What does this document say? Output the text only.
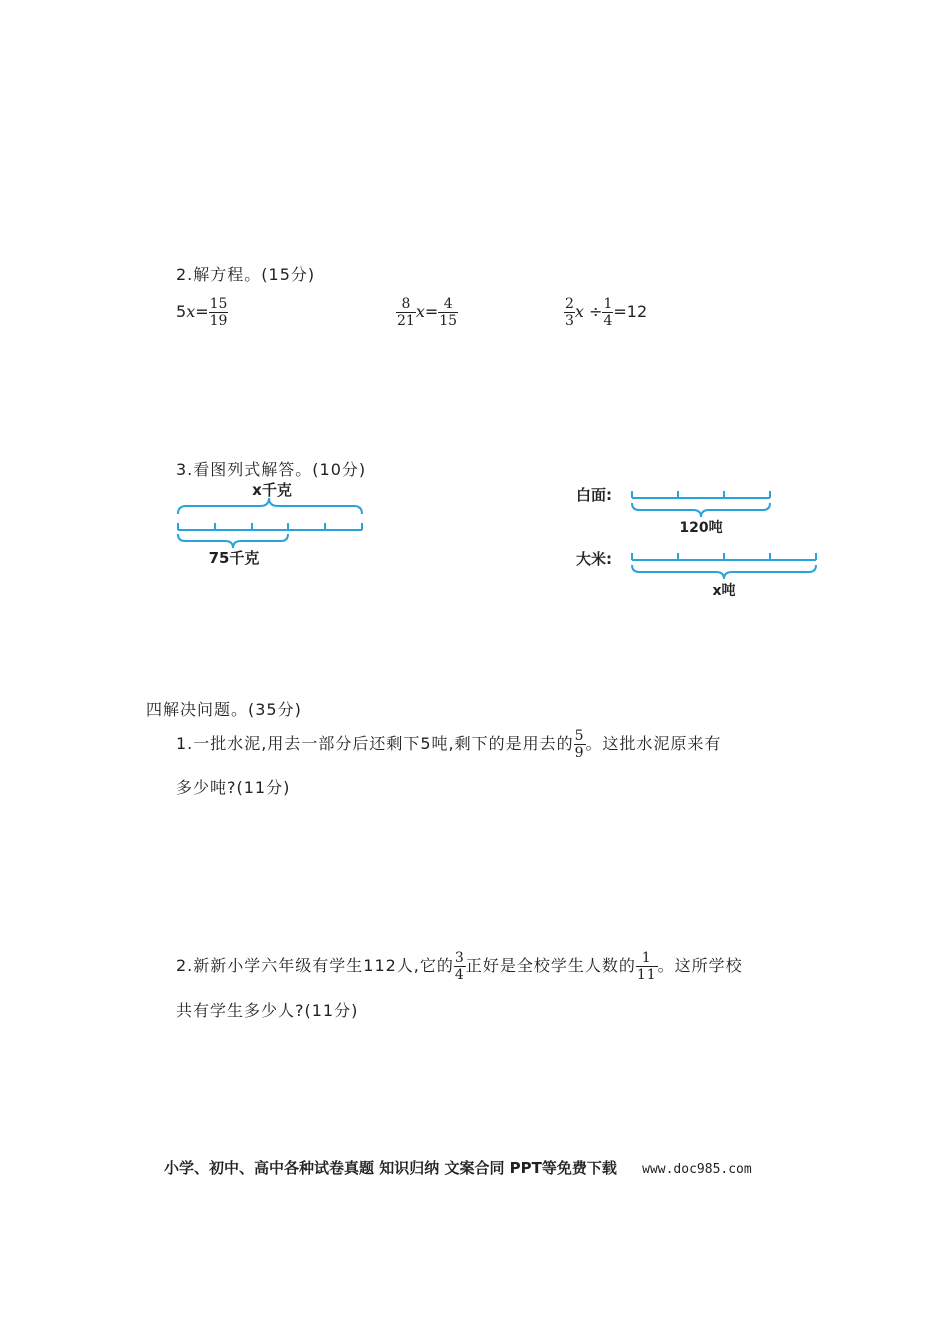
2.解方程。(15分)
$5x= \frac{15}{19}$	$\frac{8}{21} x= \frac{4}{15}$	$\frac{2}{3}$ $x \div \frac{1}{4} =12$
3.看图列式解答。(10分)
x千克
75千克
白面:
120吨
大米:
x吨
四解决问题。(35分)
1.一批水泥,用去一部分后还剩下5吨,剩下的是用去的 $\frac{5}{9}$ 。这批水泥原来有
多少吨?(11分)
2.新新小学六年级有学生112人,它的 $\frac{3}{4}$ 正好是全校学生人数的 $\frac{1}{11}$ 。这所学校
共有学生多少人?(11分)
小学、初中、高中各种试卷真题 知识归纳 文案合同 PPT等免费下载 www.doc985.com
